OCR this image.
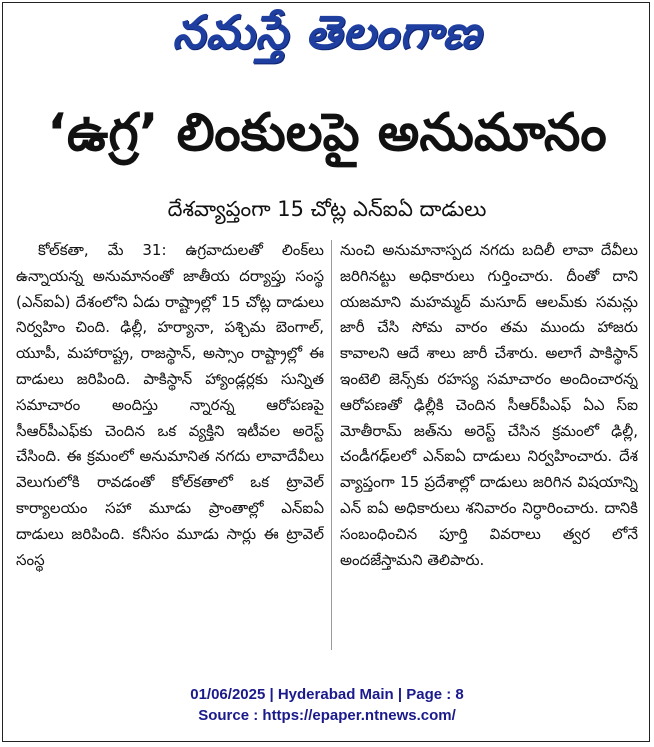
నమస్తే తెలంగాణ
‘ఉగ్ర’ లింకులపై అనుమానం
దేశవ్యాప్తంగా 15 చోట్ల ఎన్‌ఐఏ దాడులు

కోల్‌కతా, మే 31: ఉగ్రవాదులతో లింక్‌లు ఉన్నాయన్న అనుమానంతో జాతీయ దర్యాప్తు సంస్థ (ఎన్‌ఐఏ) దేశంలోని ఏడు రాష్ట్రాల్లో 15 చోట్ల దాడులు నిర్వహిం చింది. ఢిల్లీ, హర్యానా, పశ్చిమ బెంగాల్, యూపీ, మహారాష్ట్ర, రాజస్థాన్, అస్సాం రాష్ట్రాల్లో ఈ దాడులు జరిపింది. పాకిస్థాన్ హ్యాండ్లర్లకు సున్నిత సమాచారం అందిస్తు న్నారన్న ఆరోపణపై సీఆర్‌పీఎఫ్‌కు చెందిన ఒక వ్యక్తిని ఇటీవల అరెస్ట్ చేసింది. ఈ క్రమంలో అనుమానిత నగదు లావాదేవీలు వెలుగులోకి రావడంతో కోల్‌కతాలో ఒక ట్రావెల్ కార్యాలయం సహా మూడు ప్రాంతాల్లో ఎన్‌ఐఏ దాడులు జరిపింది. కనీసం మూడు సార్లు ఈ ట్రావెల్ సంస్థ

నుంచి అనుమానాస్పద నగదు బదిలీ లావా దేవీలు జరిగినట్టు అధికారులు గుర్తించారు. దీంతో దాని యజమాని మహమ్మద్ మసూద్ ఆలమ్‌కు సమన్లు జారీ చేసి సోమ వారం తమ ముందు హాజరు కావాలని ఆదే శాలు జారీ చేశారు. అలాగే పాకిస్థాన్ ఇంటెలి జెన్స్‌కు రహస్య సమాచారం అందించారన్న ఆరోపణతో ఢిల్లీకి చెందిన సీఆర్‌పీఎఫ్ ఏఎ స్ఐ మోతీరామ్ జత్‌ను అరెస్ట్ చేసిన క్రమంలో ఢిల్లీ, చండీగఢ్‌లలో ఎన్‌ఐఏ దాడులు నిర్వహించారు. దేశ వ్యాప్తంగా 15 ప్రదేశాల్లో దాడులు జరిగిన విషయాన్ని ఎన్ ఐఏ అధికారులు శనివారం నిర్ధారించారు. దానికి సంబంధించిన పూర్తి వివరాలు త్వర లోనే అందజేస్తామని తెలిపారు.

01/06/2025 | Hyderabad Main | Page : 8
Source : https://epaper.ntnews.com/
